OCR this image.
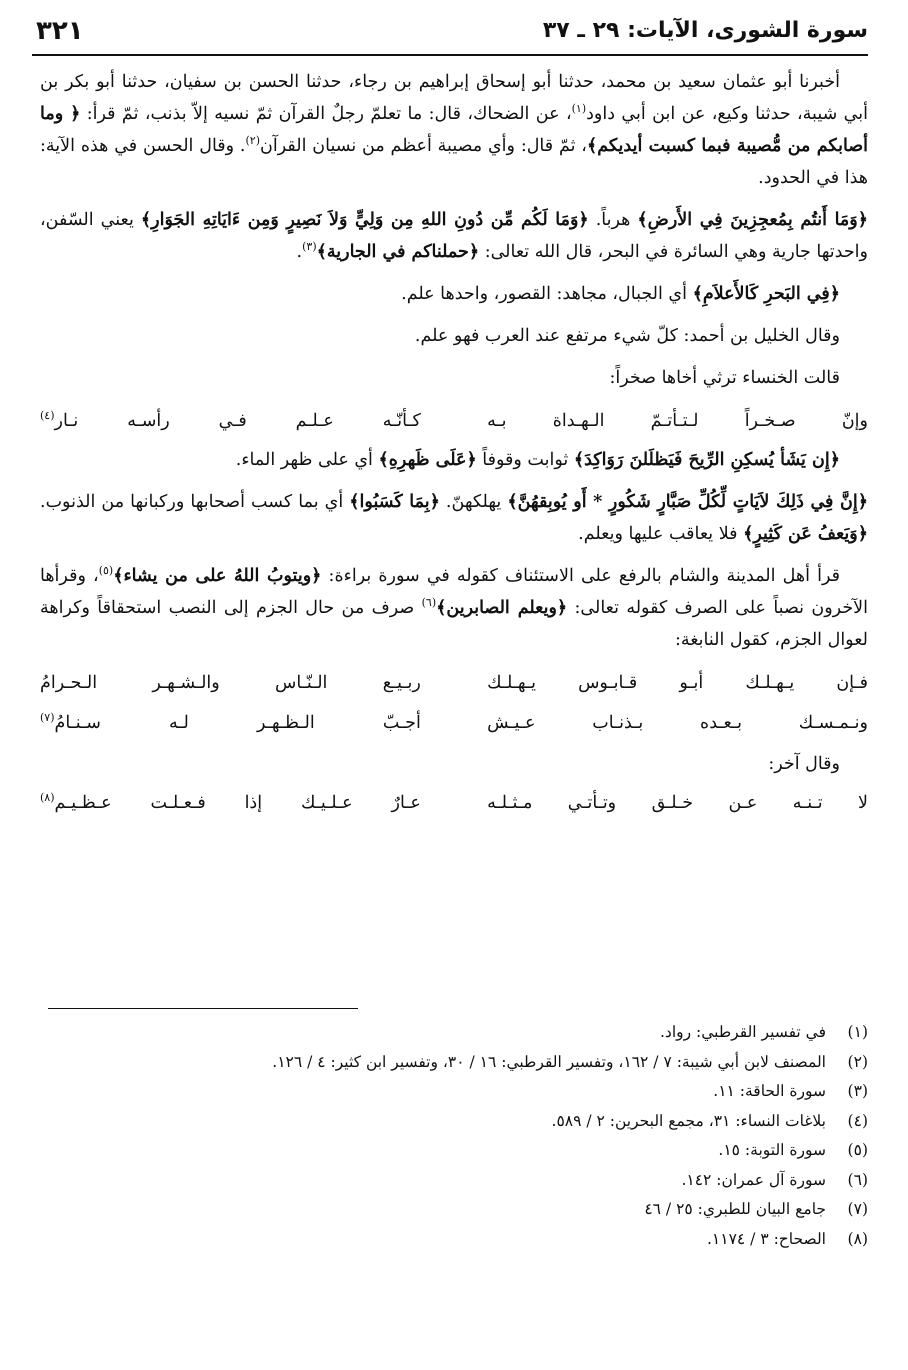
سورة الشورى، الآيات: ٢٩ ـ ٣٧
٣٢١

أخبرنا أبو عثمان سعيد بن محمد، حدثنا أبو إسحاق إبراهيم بن رجاء، حدثنا الحسن بن سفيان، حدثنا أبو بكر بن أبي شيبة، حدثنا وكيع، عن ابن أبي داود$^{(١)}$، عن الضحاك، قال: ما تعلمّ رجلٌ القرآن ثمّ نسيه إلاّ بذنب، ثمّ قرأ: ﴿ وما أصابكم من مُّصيبة فبما كسبت أيديكم﴾، ثمّ قال: وأي مصيبة أعظم من نسيان القرآن$^{(٢)}$. وقال الحسن في هذه الآية: هذا في الحدود.

﴿وَمَا أَنتُم بِمُعجِزِينَ فِي الأَرضِ﴾ هرباً. ﴿وَمَا لَكُم مِّن دُونِ اللهِ مِن وَلِيٍّ وَلاَ نَصِيرٍ وَمِن ءَايَاتِهِ الجَوَارِ﴾ يعني السّفن، واحدتها جارية وهي السائرة في البحر، قال الله تعالى: ﴿حملناكم في الجارية﴾$^{(٣)}$.

﴿فِي البَحرِ كَالأَعلاَمِ﴾ أي الجبال، مجاهد: القصور، واحدها علم.

وقال الخليل بن أحمد: كلّ شيء مرتفع عند العرب فهو علم.

قالت الخنساء ترثي أخاها صخراً:

وإنّ صـخـراً لـتـأتـمّ الـهـداة بـه
كـأنّـه عـلـم فـي رأسـه نـار$^{(٤)}$

﴿إِن يَشَأ يُسكِنِ الرِّيحَ فَيَظلَلنَ رَوَاكِدَ﴾ ثوابت وقوفاً ﴿عَلَى ظَهرِهِ﴾ أي على ظهر الماء.

﴿إِنَّ فِي ذَلِكَ لاَيَاتٍ لِّكُلِّ صَبَّارٍ شَكُورٍ * أَو يُوبِقهُنَّ﴾ يهلكهنّ. ﴿بِمَا كَسَبُوا﴾ أي بما كسب أصحابها وركبانها من الذنوب. ﴿وَيَعفُ عَن كَثِيرٍ﴾ فلا يعاقب عليها ويعلم.

قرأ أهل المدينة والشام بالرفع على الاستئناف كقوله في سورة براءة: ﴿ويتوبُ اللهُ على من يشاء﴾$^{(٥)}$، وقرأها الآخرون نصباً على الصرف كقوله تعالى: ﴿ويعلم الصابرين﴾$^{(٦)}$ صرف من حال الجزم إلى النصب استحقاقاً وكراهة لعوال الجزم، كقول النابغة:

فـإن يـهـلـك أبـو قـابـوس يـهـلـك
ربـيـع الـنّـاس والـشـهـر الـحـرامُ
ونـمـسـك بـعـده بـذنـاب عـيـش
أجـبّ الـظـهـر لـه سـنـامُ$^{(٧)}$

وقال آخر:

لا تـنـه عـن خـلـق وتـأتـي مـثـلـه
عـارٌ عـلـيـك إذا فـعـلـت عـظـيـم$^{(٨)}$

(١)في تفسير القرطبي: رواد.

(٢)المصنف لابن أبي شيبة: ٧ / ١٦٢، وتفسير القرطبي: ١٦ / ٣٠، وتفسير ابن كثير: ٤ / ١٢٦.

(٣)سورة الحاقة: ١١.

(٤)بلاغات النساء: ٣١، مجمع البحرين: ٢ / ٥٨٩.

(٥)سورة التوبة: ١٥.

(٦)سورة آل عمران: ١٤٢.

(٧)جامع البيان للطبري: ٢٥ / ٤٦

(٨)الصحاح: ٣ / ١١٧٤.
